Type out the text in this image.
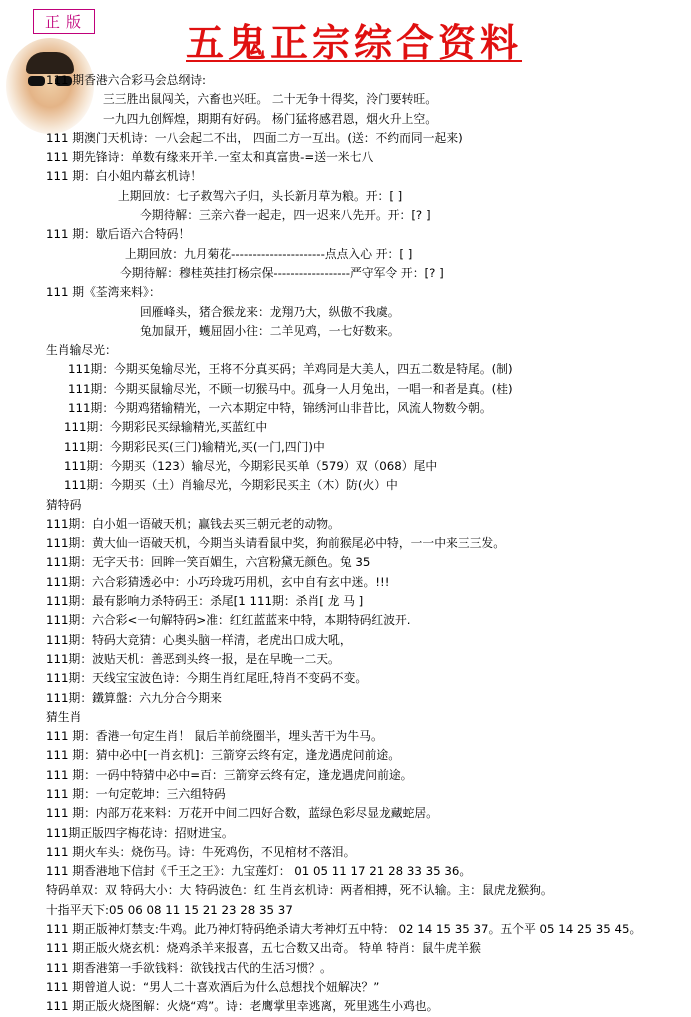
正版	五鬼正宗综合资料
111 期香港六合彩马会总纲诗:
三三胜出鼠闯关，六畜也兴旺。 二十无争十得奖，泠门要转旺。
一九四九创辉煌，期期有好码。 杨门猛将感君恩，烟火升上空。
111 期澳门天机诗：一八会起二不出， 四面二方一互出。(送：不约而同一起来)
111 期先锋诗：单数有缘来开羊.一室太和真富贵-=送一米七八
111 期：白小姐内幕玄机诗！
上期回放：七子救驾六子归，头长新月草为粮。开：[ ]
今期待解：三亲六眷一起走，四一迟来八先开。开：[? ]
111 期：歇后语六合特码！
上期回放：九月菊花----------------------点点入心 开：[ ]
今期待解：穆桂英挂打杨宗保------------------严守军令 开：[? ]
111 期《荃湾来料》：
回雁峰头，猪合猴龙来：龙翔乃大，纵傲不我虞。
兔加鼠开，蠖屈固小往：二羊见鸡，一七好数来。
生肖输尽光：
111期：今期买兔输尽光，王将不分真买码；羊鸡同是大美人，四五二数是特尾。(制)
111期：今期买鼠输尽光，不顾一切猴马中。孤身一人月兔出，一唱一和者是真。(桂)
111期：今期鸡猪输精光，一六本期定中特，锦绣河山非昔比，风流人物数今朝。
111期：今期彩民买绿输精光,买蓝红中
111期：今期彩民买(三门)输精光,买(一门,四门)中
111期：今期买（123）输尽光，今期彩民买单（579）双（068）尾中
111期：今期买（土）肖输尽光，今期彩民买主（木）防(火）中
猜特码
111期：白小姐一语破天机；赢钱去买三朝元老的动物。
111期：黄大仙一语破天机，今期当头请看鼠中奖，狗前猴尾必中特，一一中来三三发。
111期：无字天书：回眸一笑百媚生，六宫粉黛无颜色。兔 35
111期：六合彩猜透必中：小巧玲珑巧用机，玄中自有玄中迷。!!!
111期：最有影响力杀特码王：杀尾[1 111期：杀肖[ 龙 马 ]
111期：六合彩<一句解特码>准：红红蓝蓝来中特，本期特码红波开.
111期：特码大竞猜：心奥头脑一样清，老虎出口成大吼，
111期：波贴天机：善恶到头终一报，是在早晚一二天。
111期：天线宝宝波色诗：今期生肖红尾旺,特肖不变码不变。
111期：鐵算盤：六九分合今期来
猜生肖
111 期：香港一句定生肖！ 鼠后羊前绕圈半，埋头苦干为牛马。
111 期：猜中必中[一肖玄机]：三箭穿云终有定，逢龙遇虎问前途。
111 期：一码中特猜中必中=百：三箭穿云终有定，逢龙遇虎问前途。
111 期：一句定乾坤：三六组特码
111 期：内部万花来料：万花开中间二四好合数，蓝绿色彩尽显龙藏蛇居。
111期正版四字梅花诗：招财进宝。
111 期火车头：烧伤马。诗：牛死鸡伤，不见棺材不落泪。
111 期香港地下信封《千王之王》：九宝莲灯： 01 05 11 17 21 28 33 35 36。
特码单双：双 特码大小：大 特码波色：红 生肖玄机诗：两者相搏，死不认输。主：鼠虎龙猴狗。
十指平天下:05 06 08 11 15 21 23 28 35 37
111 期正版神灯禁支:牛鸡。此乃神灯特码绝杀请大考神灯五中特： 02 14 15 35 37。五个平 05 14 25 35 45。
111 期正版火烧玄机：烧鸡杀羊来报喜，五七合数又出奇。 特单 特肖：鼠牛虎羊猴
111 期香港第一手欲钱料：欲钱找古代的生活习惯？。
111 期曾道人说：“男人二十喜欢酒后为什么总想找个妞解决？”
111 期正版火烧图解：火烧“鸡”。诗：老鹰掌里幸逃离，死里逃生小鸡也。
